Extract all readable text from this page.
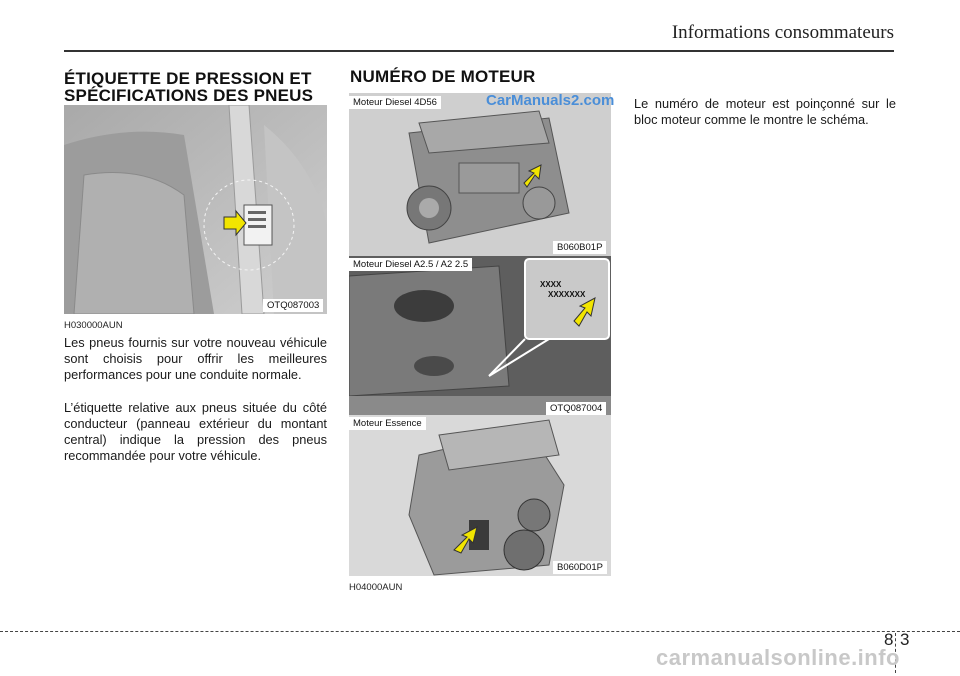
Informations consommateurs
ÉTIQUETTE DE PRESSION ET
SPÉCIFICATIONS DES PNEUS
OTQ087003
H030000AUN
Les pneus fournis sur votre nouveau véhicule sont choisis pour offrir les meilleures performances pour une conduite normale.
L’étiquette relative aux pneus située du côté conducteur (panneau extérieur du montant central) indique la pression des pneus recommandée pour votre véhicule.
NUMÉRO DE MOTEUR
Moteur Diesel 4D56	CarManuals2.com
B060B01P
Moteur Diesel A2.5 / A2 2.5
XXXX
XXXXXXX
OTQ087004
Moteur Essence
B060D01P
H04000AUN
Le numéro de moteur est poinçonné sur le bloc moteur comme le montre le schéma.
8 3
carmanualsonline.info
